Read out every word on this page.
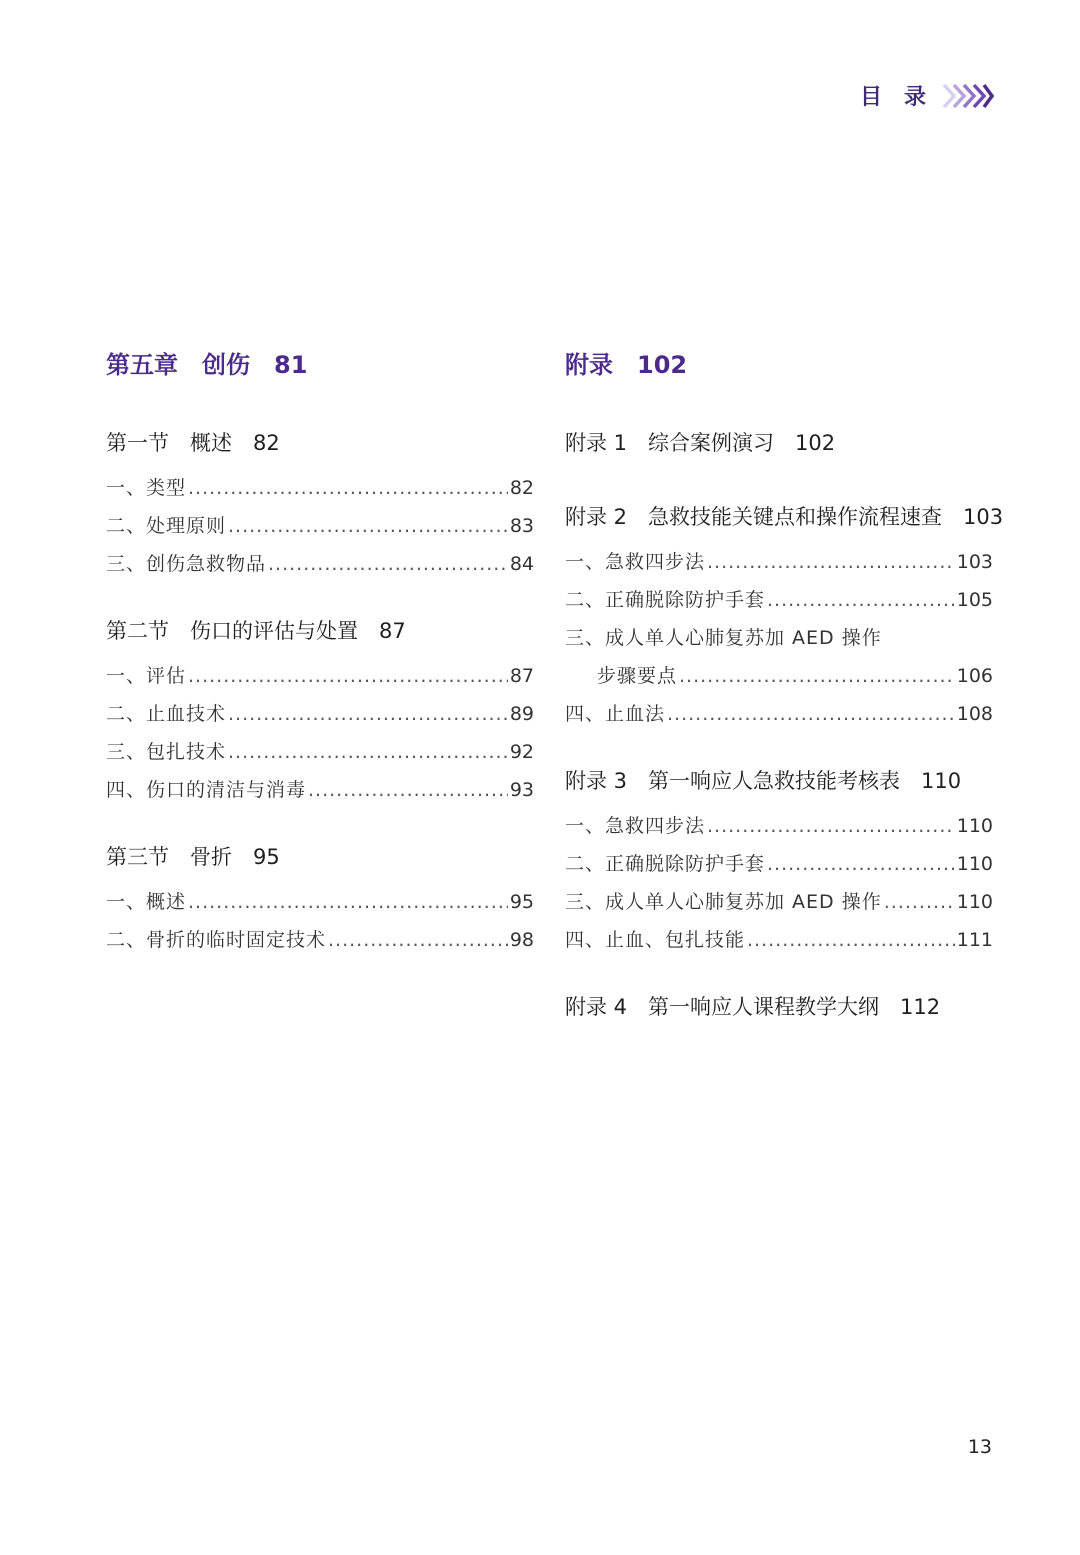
目录
第五章　创伤　81
第一节　概述　82
一、类型 .....	82
二、处理原则 .....	83
三、创伤急救物品 .....	84
第二节　伤口的评估与处置　87
一、评估 .....	87
二、止血技术 .....	89
三、包扎技术 .....	92
四、伤口的清洁与消毒 .....	93
第三节　骨折　95
一、概述 .....	95
二、骨折的临时固定技术 .....	98
附录　102
附录 1　综合案例演习　102
附录 2　急救技能关键点和操作流程速查　103
一、急救四步法 .....	103
二、正确脱除防护手套 .....	105
三、成人单人心肺复苏加 AED 操作
步骤要点 .....	106
四、止血法 .....	108
附录 3　第一响应人急救技能考核表　110
一、急救四步法 .....	110
二、正确脱除防护手套 .....	110
三、成人单人心肺复苏加 AED 操作 .....	110
四、止血、包扎技能 .....	111
附录 4　第一响应人课程教学大纲　112
13
